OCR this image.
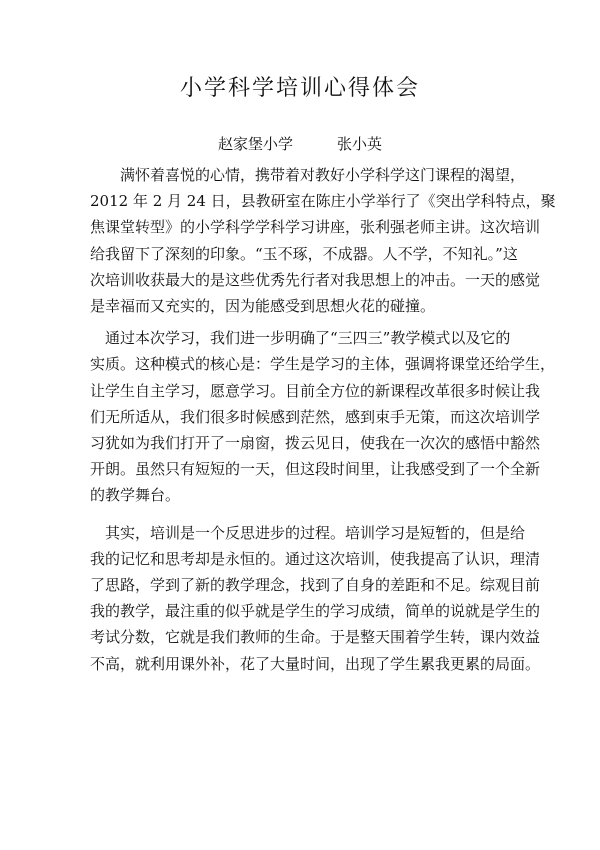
小学科学培训心得体会
赵家堡小学	张小英
满怀着喜悦的心情，携带着对教好小学科学这门课程的渴望，
2012 年 2 月 24 日，县教研室在陈庄小学举行了《突出学科特点，聚
焦课堂转型》的小学科学学科学习讲座，张利强老师主讲。这次培训
给我留下了深刻的印象。“玉不琢，不成器。人不学，不知礼。”这
次培训收获最大的是这些优秀先行者对我思想上的冲击。一天的感觉
是幸福而又充实的，因为能感受到思想火花的碰撞。
通过本次学习，我们进一步明确了“三四三”教学模式以及它的
实质。这种模式的核心是：学生是学习的主体，强调将课堂还给学生，
让学生自主学习，愿意学习。目前全方位的新课程改革很多时候让我
们无所适从，我们很多时候感到茫然，感到束手无策，而这次培训学
习犹如为我们打开了一扇窗，拨云见日，使我在一次次的感悟中豁然
开朗。虽然只有短短的一天，但这段时间里，让我感受到了一个全新
的教学舞台。
其实，培训是一个反思进步的过程。培训学习是短暂的，但是给
我的记忆和思考却是永恒的。通过这次培训，使我提高了认识，理清
了思路，学到了新的教学理念，找到了自身的差距和不足。综观目前
我的教学，最注重的似乎就是学生的学习成绩，简单的说就是学生的
考试分数，它就是我们教师的生命。于是整天围着学生转，课内效益
不高，就利用课外补，花了大量时间，出现了学生累我更累的局面。
